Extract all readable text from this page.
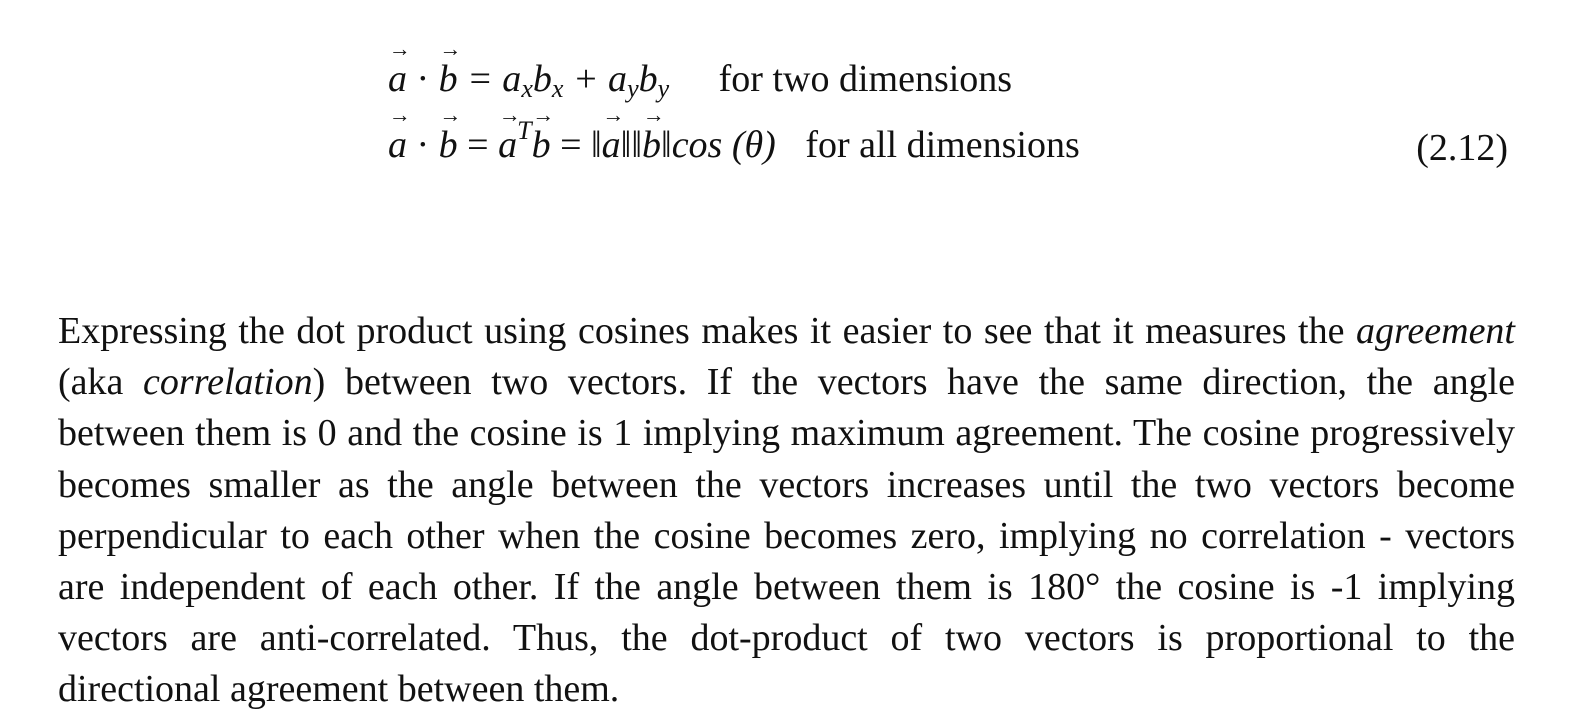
→ a · → $b = a_xb_x + a_yb_y$ for two dimensions
→ a · → b = → $a^T\to b$ = ‖→ a‖‖→ b‖cos (θ) for all dimensions	(2.12)

Expressing the dot product using cosines makes it easier to see that it measures the agreement (aka correlation) between two vectors. If the vectors have the same direction, the angle between them is 0 and the cosine is 1 implying maximum agreement. The cosine progressively becomes smaller as the angle between the vectors increases until the two vectors become perpendicular to each other when the cosine becomes zero, implying no correlation - vectors are independent of each other. If the angle between them is 180° the cosine is -1 implying vectors are anti-correlated. Thus, the dot-product of two vectors is proportional to the directional agreement between them.
